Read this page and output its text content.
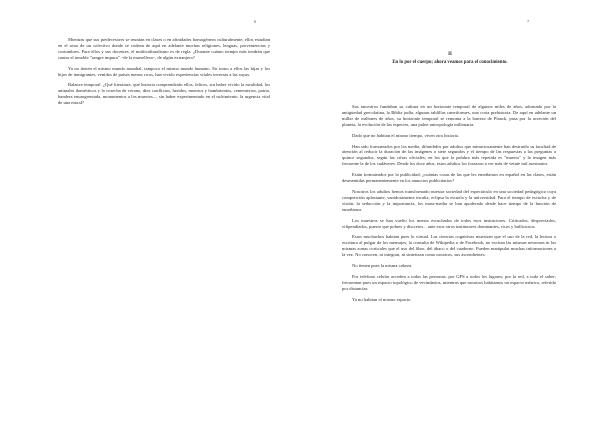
6

Mientras que sus predecesores se reunían en clases o en afinidades homogéneos culturalmente, ellos estudian en el seno de un colectivo donde se codean de aquí en adelante muchas religiones, lenguas, proveniencias y costumbres. Para ellos y sus docentes, el multiculturalismo es de regla. ¿Durante cuánto tiempo más tendrán que cantar el innoble "sangre impura" ~de la marsellesa~, de algún extranjero?

Ya no tienen el mismo mundo mundial, tampoco el mismo mundo humano. En torno a ellos las hijas y los hijos de inmigrantes, venidos de países menos ricos, han vivido experiencias vitales inversas a las suyas.

Balance temporal. ¿Qué literatura, qué historia comprenderán ellos, felices, sin haber vivido la ruralidad, los animales domésticos y la cosecha de verano, diez conflictos, heridos, muertos y hambrientos, cementerios, patria, bandera ensangrentada, monumentos a los muertos..., sin haber experimentado en el sufrimiento, la urgencia vital de una moral?

7
II
En lo por el cuerpo; ahora veamos para el conocimiento.

Sus ancestros fundaban su cultura en un horizonte temporal de algunos miles de años, adornado por la antigüedad grecolatina, la Biblia judía, algunas tablillas cuneiformes, una corta prehistoria. De aquí en adelante un millar de millones de años, su horizonte temporal se remonta a la barrera de Planck, pasa por la acreción del planeta, la evolución de las especies, una paleo-antropología millonaria.

Dado que no habitan el mismo tiempo, viven otra historia.

Han sido formateados por los media, difundidos por adultos que minuciosamente han destruido su facultad de atención al reducir la duración de las imágenes a siete segundos y el tiempo de las respuestas a las preguntas a quince segundos, según las cifras oficiales; en los que la palabra más repetida es "muerto" y la imagen más frecuente la de los cadáveres. Desde los doce años, estos adultos los forzaron a ver más de veinte mil asesinatos.

Están formateados por la publicidad; ¿cuántas cosas de las que les enseñamos en español en las clases, están desmentidas permanentemente en los anuncios publicitarios?

Nosotros los adultos hemos transformado nuestra sociedad del espectáculo en una sociedad pedagógica cuya competición aplastante, vanidosamente inculta, eclipsa la escuela y la universidad. Para el tiempo de escucha y de visión, la seducción y la importancia, los mass-media se han apoderado desde hace tiempo de la función de enseñanza.

Los maestros se han vuelto los menos escuchados de todos esos instructores. Criticados, despreciados, vilipendiados, puesto que pobres y discretos... ante esos otros institutores dominantes, ricos y bulliciosos.

Estos muchachos habitan pues lo virtual. Las ciencias cognitivas muestran que el uso de la red, la lectura o escritura al pulgar de los mensajes, la consulta de Wikipedia o de Facebook, no excitan las mismas neuronas ni las mismas zonas corticales que el uso del libro, del ábaco o del cuaderno. Pueden manipular muchas informaciones a la vez. No conocen, ni integran, ni sintetizan como nosotros, sus ascendientes.

No tienen pues la misma cabeza.

Por teléfono celular acceden a todas las personas; por GPS a todos los lugares; por la red, a todo el saber; frecuentan pues un espacio topológico de vecindarios, mientras que nosotros habitamos un espacio métrico, referido por distancias.

Ya no habitan el mismo espacio.
